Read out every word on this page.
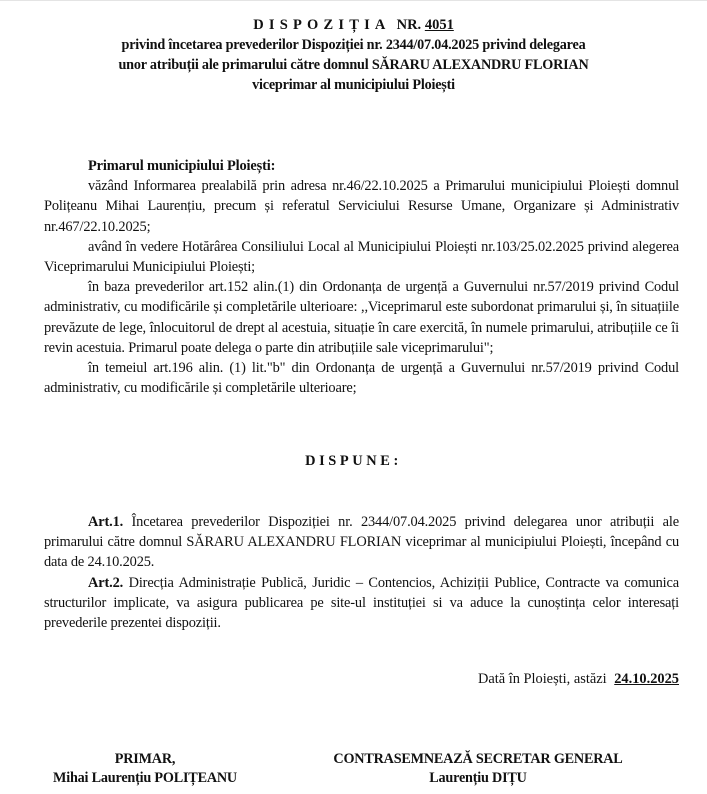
DISPOZIȚIA NR. 4051
privind încetarea prevederilor Dispoziției nr. 2344/07.04.2025 privind delegarea
unor atribuții ale primarului către domnul SĂRARU ALEXANDRU FLORIAN
viceprimar al municipiului Ploiești

Primarul municipiului Ploiești:

văzând Informarea prealabilă prin adresa nr.46/22.10.2025 a Primarului municipiului Ploiești domnul Polițeanu Mihai Laurențiu, precum și referatul Serviciului Resurse Umane, Organizare și Administrativ nr.467/22.10.2025;

având în vedere Hotărârea Consiliului Local al Municipiului Ploiești nr.103/25.02.2025 privind alegerea Viceprimarului Municipiului Ploiești;

în baza prevederilor art.152 alin.(1) din Ordonanța de urgență a Guvernului nr.57/2019 privind Codul administrativ, cu modificările și completările ulterioare: ,,Viceprimarul este subordonat primarului și, în situațiile prevăzute de lege, înlocuitorul de drept al acestuia, situație în care exercită, în numele primarului, atribuțiile ce îi revin acestuia. Primarul poate delega o parte din atribuțiile sale viceprimarului";

în temeiul art.196 alin. (1) lit."b" din Ordonanța de urgență a Guvernului nr.57/2019 privind Codul administrativ, cu modificările și completările ulterioare;

DISPUNE:

Art.1. Încetarea prevederilor Dispoziției nr. 2344/07.04.2025 privind delegarea unor atribuții ale primarului către domnul SĂRARU ALEXANDRU FLORIAN viceprimar al municipiului Ploiești, începând cu data de 24.10.2025.

Art.2. Direcția Administrație Publică, Juridic – Contencios, Achiziții Publice, Contracte va comunica structurilor implicate, va asigura publicarea pe site-ul instituției si va aduce la cunoștința celor interesați prevederile prezentei dispoziții.

Dată în Ploiești, astăzi 24.10.2025
PRIMAR,
Mihai Laurențiu POLIȚEANU
CONTRASEMNEAZĂ SECRETAR GENERAL
Laurențiu DIȚU
